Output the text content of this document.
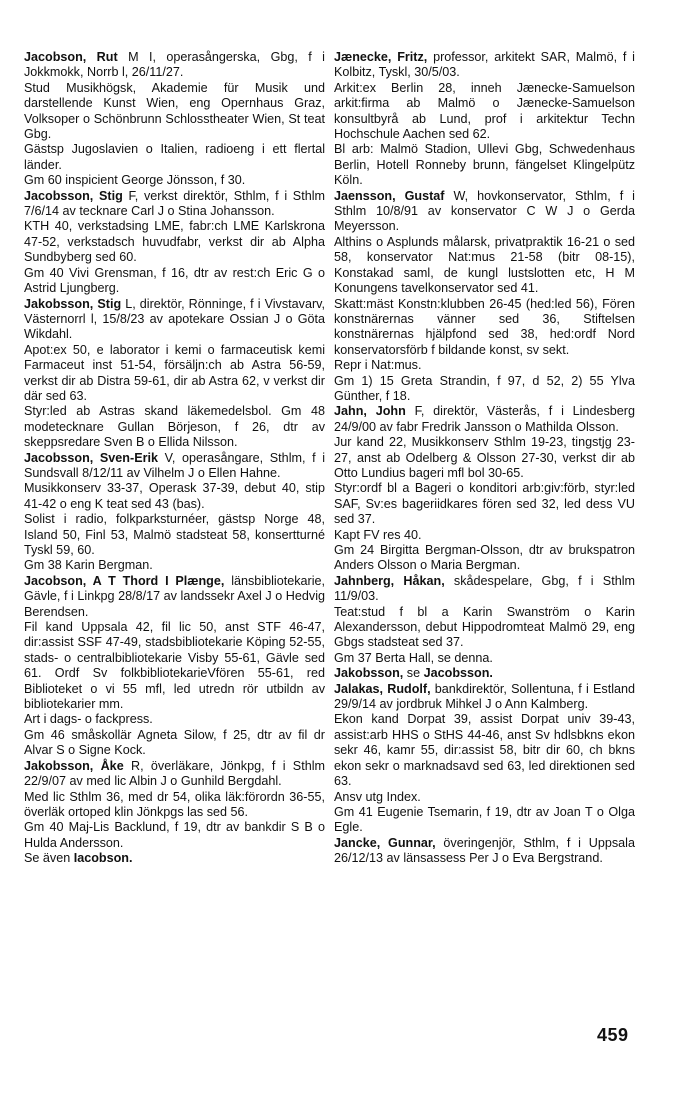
Jacobson, Rut M I, operasångerska, Gbg, f i Jokkmokk, Norrb l, 26/11/27.

Stud Musikhögsk, Akademie für Musik und darstellende Kunst Wien, eng Opernhaus Graz, Volksoper o Schönbrunn Schlosstheater Wien, St teat Gbg.

Gästsp Jugoslavien o Italien, radioeng i ett flertal länder.

Gm 60 inspicient George Jönsson, f 30.

Jacobsson, Stig F, verkst direktör, Sthlm, f i Sthlm 7/6/14 av tecknare Carl J o Stina Johansson.

KTH 40, verkstadsing LME, fabr:ch LME Karlskrona 47-52, verkstadsch huvudfabr, verkst dir ab Alpha Sundbyberg sed 60.

Gm 40 Vivi Grensman, f 16, dtr av rest:ch Eric G o Astrid Ljungberg.

Jakobsson, Stig L, direktör, Rönninge, f i Vivstavarv, Västernorrl l, 15/8/23 av apotekare Ossian J o Göta Wikdahl.

Apot:ex 50, e laborator i kemi o farmaceutisk kemi Farmaceut inst 51-54, försäljn:ch ab Astra 56-59, verkst dir ab Distra 59-61, dir ab Astra 62, v verkst dir där sed 63.

Styr:led ab Astras skand läkemedelsbol. Gm 48 modetecknare Gullan Börjeson, f 26, dtr av skeppsredare Sven B o Ellida Nilsson.

Jacobsson, Sven-Erik V, operasångare, Sthlm, f i Sundsvall 8/12/11 av Vilhelm J o Ellen Hahne.

Musikkonserv 33-37, Operask 37-39, debut 40, stip 41-42 o eng K teat sed 43 (bas).

Solist i radio, folkparksturnéer, gästsp Norge 48, Island 50, Finl 53, Malmö stadsteat 58, konsertturné Tyskl 59, 60.

Gm 38 Karin Bergman.

Jacobson, A T Thord I Plænge, länsbibliotekarie, Gävle, f i Linkpg 28/8/17 av landssekr Axel J o Hedvig Berendsen.

Fil kand Uppsala 42, fil lic 50, anst STF 46-47, dir:assist SSF 47-49, stadsbibliotekarie Köping 52-55, stads- o centralbibliotekarie Visby 55-61, Gävle sed 61. Ordf Sv folkbibliotekarieVfören 55-61, red Biblioteket o vi 55 mfl, led utredn rör utbildn av bibliotekarier mm.

Art i dags- o fackpress.

Gm 46 småskollär Agneta Silow, f 25, dtr av fil dr Alvar S o Signe Kock.

Jakobsson, Åke R, överläkare, Jönkpg, f i Sthlm 22/9/07 av med lic Albin J o Gunhild Bergdahl.

Med lic Sthlm 36, med dr 54, olika läk:förordn 36-55, överläk ortoped klin Jönkpgs las sed 56.

Gm 40 Maj-Lis Backlund, f 19, dtr av bankdir S B o Hulda Andersson.

Se även Iacobson.

Jænecke, Fritz, professor, arkitekt SAR, Malmö, f i Kolbitz, Tyskl, 30/5/03.

Arkit:ex Berlin 28, inneh Jænecke-Samuelson arkit:firma ab Malmö o Jænecke-Samuelson konsultbyrå ab Lund, prof i arkitektur Techn Hochschule Aachen sed 62.

Bl arb: Malmö Stadion, Ullevi Gbg, Schwedenhaus Berlin, Hotell Ronneby brunn, fängelset Klingelpütz Köln.

Jaensson, Gustaf W, hovkonservator, Sthlm, f i Sthlm 10/8/91 av konservator C W J o Gerda Meyersson.

Althins o Asplunds målarsk, privatpraktik 16-21 o sed 58, konservator Nat:mus 21-58 (bitr 08-15), Konstakad saml, de kungl lustslotten etc, H M Konungens tavelkonservator sed 41.

Skatt:mäst Konstn:klubben 26-45 (hed:led 56), Fören konstnärernas vänner sed 36, Stiftelsen konstnärernas hjälpfond sed 38, hed:ordf Nord konservatorsförb f bildande konst, sv sekt.

Repr i Nat:mus.

Gm 1) 15 Greta Strandin, f 97, d 52, 2) 55 Ylva Günther, f 18.

Jahn, John F, direktör, Västerås, f i Lindesberg 24/9/00 av fabr Fredrik Jansson o Mathilda Olsson.

Jur kand 22, Musikkonserv Sthlm 19-23, tingstjg 23-27, anst ab Odelberg & Olsson 27-30, verkst dir ab Otto Lundius bageri mfl bol 30-65.

Styr:ordf bl a Bageri o konditori arb:giv:förb, styr:led SAF, Sv:es bageriidkares fören sed 32, led dess VU sed 37.

Kapt FV res 40.

Gm 24 Birgitta Bergman-Olsson, dtr av brukspatron Anders Olsson o Maria Bergman.

Jahnberg, Håkan, skådespelare, Gbg, f i Sthlm 11/9/03.

Teat:stud f bl a Karin Swanström o Karin Alexandersson, debut Hippodromteat Malmö 29, eng Gbgs stadsteat sed 37.

Gm 37 Berta Hall, se denna.

Jakobsson, se Jacobsson.

Jalakas, Rudolf, bankdirektör, Sollentuna, f i Estland 29/9/14 av jordbruk Mihkel J o Ann Kalmberg.

Ekon kand Dorpat 39, assist Dorpat univ 39-43, assist:arb HHS o StHS 44-46, anst Sv hdlsbkns ekon sekr 46, kamr 55, dir:assist 58, bitr dir 60, ch bkns ekon sekr o marknadsavd sed 63, led direktionen sed 63.

Ansv utg Index.

Gm 41 Eugenie Tsemarin, f 19, dtr av Joan T o Olga Egle.

Jancke, Gunnar, överingenjör, Sthlm, f i Uppsala 26/12/13 av länsassess Per J o Eva Bergstrand.

459
